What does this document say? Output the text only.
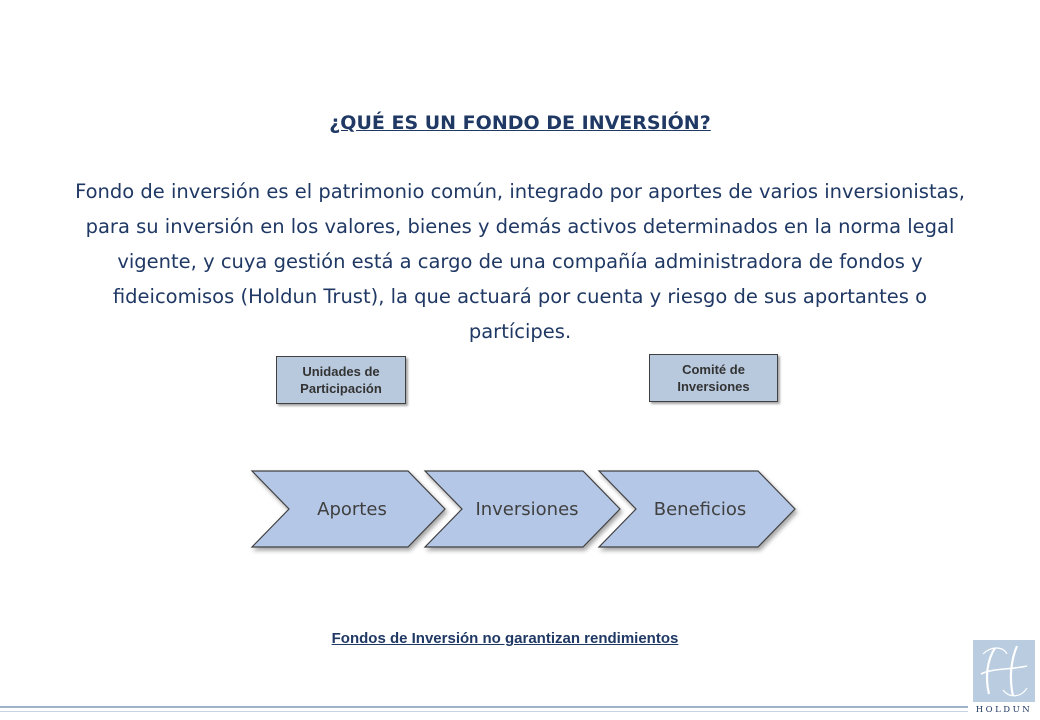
¿QUÉ ES UN FONDO DE INVERSIÓN?
Fondo de inversión es el patrimonio común, integrado por aportes de varios inversionistas, para su inversión en los valores, bienes y demás activos determinados en la norma legal vigente, y cuya gestión está a cargo de una compañía administradora de fondos y fideicomisos (Holdun Trust), la que actuará por cuenta y riesgo de sus aportantes o partícipes.
Unidades de
Participación
Comité de
Inversiones
Aportes	Inversiones	Beneficios
Fondos de Inversión no garantizan rendimientos
HOLDUN
